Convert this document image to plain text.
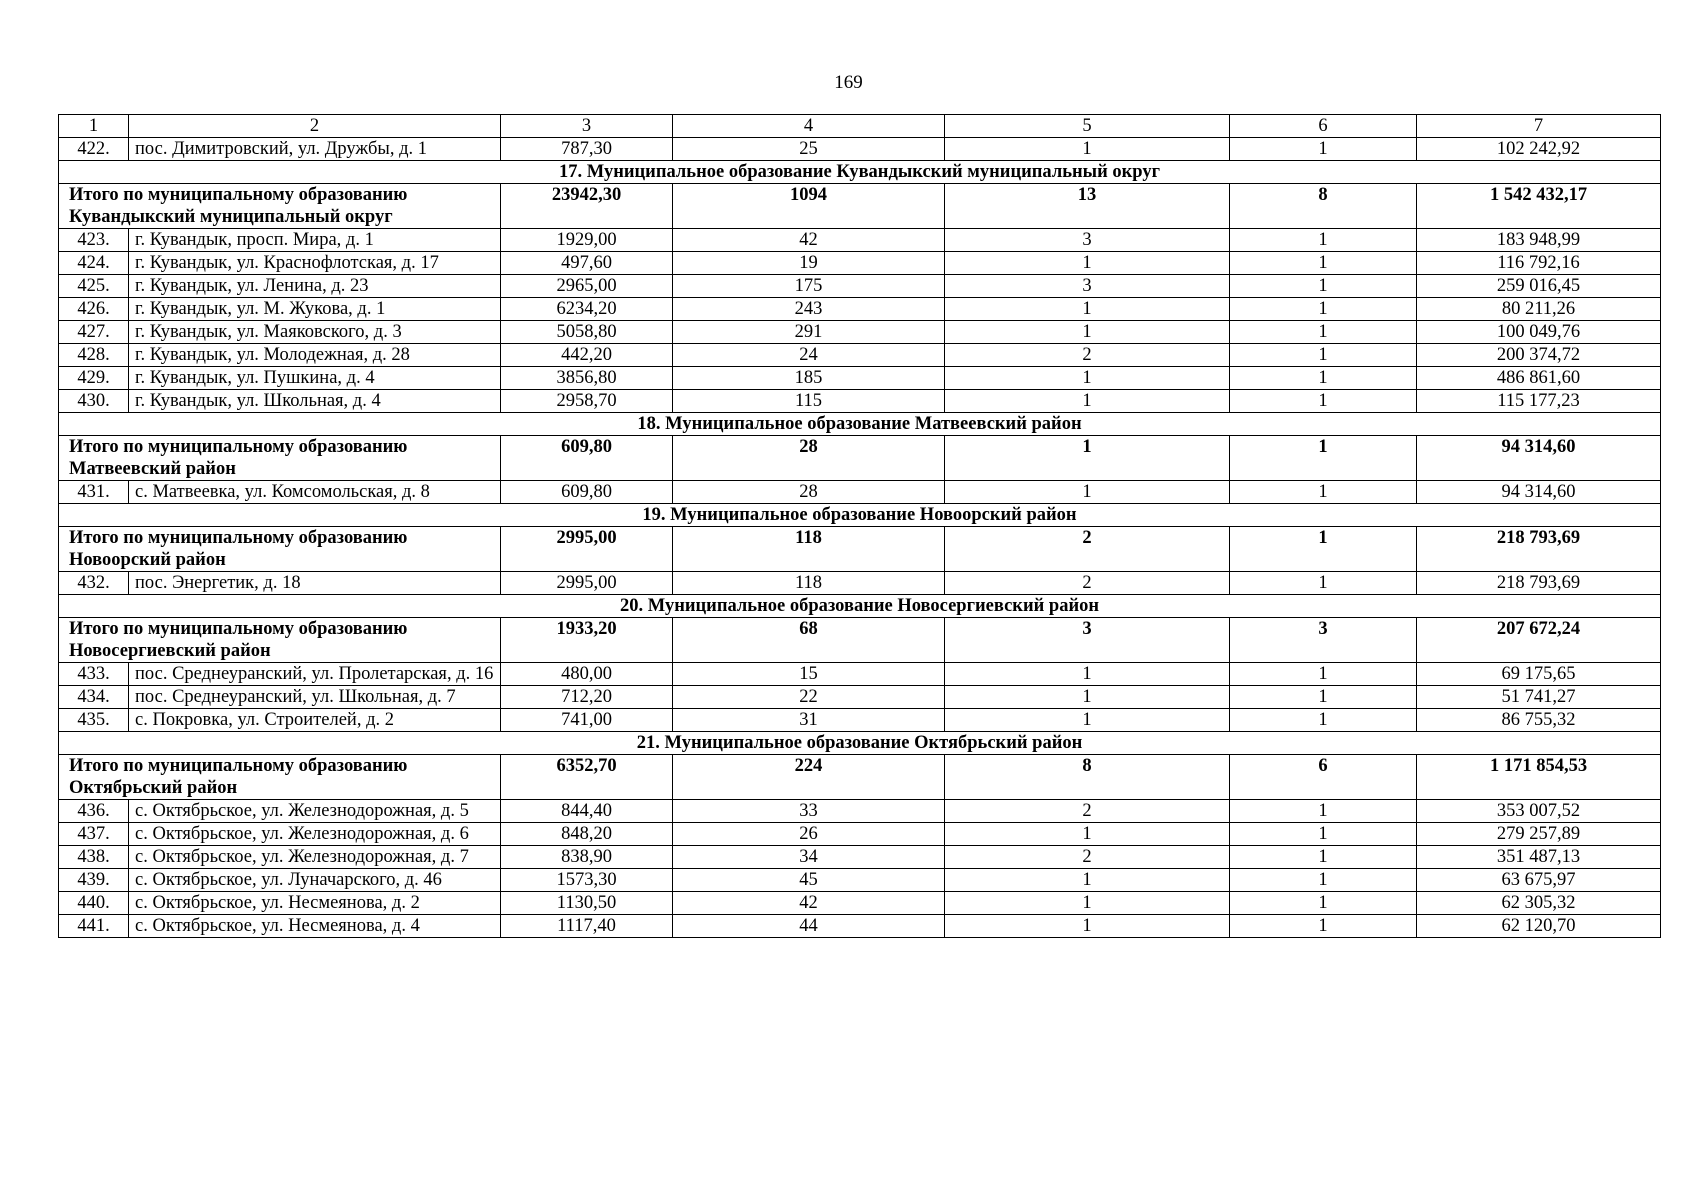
169
1	2	3	4	5	6	7
422.	пос. Димитровский, ул. Дружбы, д. 1	787,30	25	1	1	102 242,92
17. Муниципальное образование Кувандыкский муниципальный округ						
Итого по муниципальному образованию Кувандыкский муниципальный округ		23942,30	1094	13	8	1 542 432,17
423.	г. Кувандык, просп. Мира, д. 1	1929,00	42	3	1	183 948,99
424.	г. Кувандык, ул. Краснофлотская, д. 17	497,60	19	1	1	116 792,16
425.	г. Кувандык, ул. Ленина, д. 23	2965,00	175	3	1	259 016,45
426.	г. Кувандык, ул. М. Жукова, д. 1	6234,20	243	1	1	80 211,26
427.	г. Кувандык, ул. Маяковского, д. 3	5058,80	291	1	1	100 049,76
428.	г. Кувандык, ул. Молодежная, д. 28	442,20	24	2	1	200 374,72
429.	г. Кувандык, ул. Пушкина, д. 4	3856,80	185	1	1	486 861,60
430.	г. Кувандык, ул. Школьная, д. 4	2958,70	115	1	1	115 177,23
18. Муниципальное образование Матвеевский район						
Итого по муниципальному образованию Матвеевский район		609,80	28	1	1	94 314,60
431.	с. Матвеевка, ул. Комсомольская, д. 8	609,80	28	1	1	94 314,60
19. Муниципальное образование Новоорский район						
Итого по муниципальному образованию Новоорский район		2995,00	118	2	1	218 793,69
432.	пос. Энергетик, д. 18	2995,00	118	2	1	218 793,69
20. Муниципальное образование Новосергиевский район						
Итого по муниципальному образованию Новосергиевский район		1933,20	68	3	3	207 672,24
433.	пос. Среднеуранский, ул. Пролетарская, д. 16	480,00	15	1	1	69 175,65
434.	пос. Среднеуранский, ул. Школьная, д. 7	712,20	22	1	1	51 741,27
435.	с. Покровка, ул. Строителей, д. 2	741,00	31	1	1	86 755,32
21. Муниципальное образование Октябрьский район						
Итого по муниципальному образованию Октябрьский район		6352,70	224	8	6	1 171 854,53
436.	с. Октябрьское, ул. Железнодорожная, д. 5	844,40	33	2	1	353 007,52
437.	с. Октябрьское, ул. Железнодорожная, д. 6	848,20	26	1	1	279 257,89
438.	с. Октябрьское, ул. Железнодорожная, д. 7	838,90	34	2	1	351 487,13
439.	с. Октябрьское, ул. Луначарского, д. 46	1573,30	45	1	1	63 675,97
440.	с. Октябрьское, ул. Несмеянова, д. 2	1130,50	42	1	1	62 305,32
441.	с. Октябрьское, ул. Несмеянова, д. 4	1117,40	44	1	1	62 120,70
